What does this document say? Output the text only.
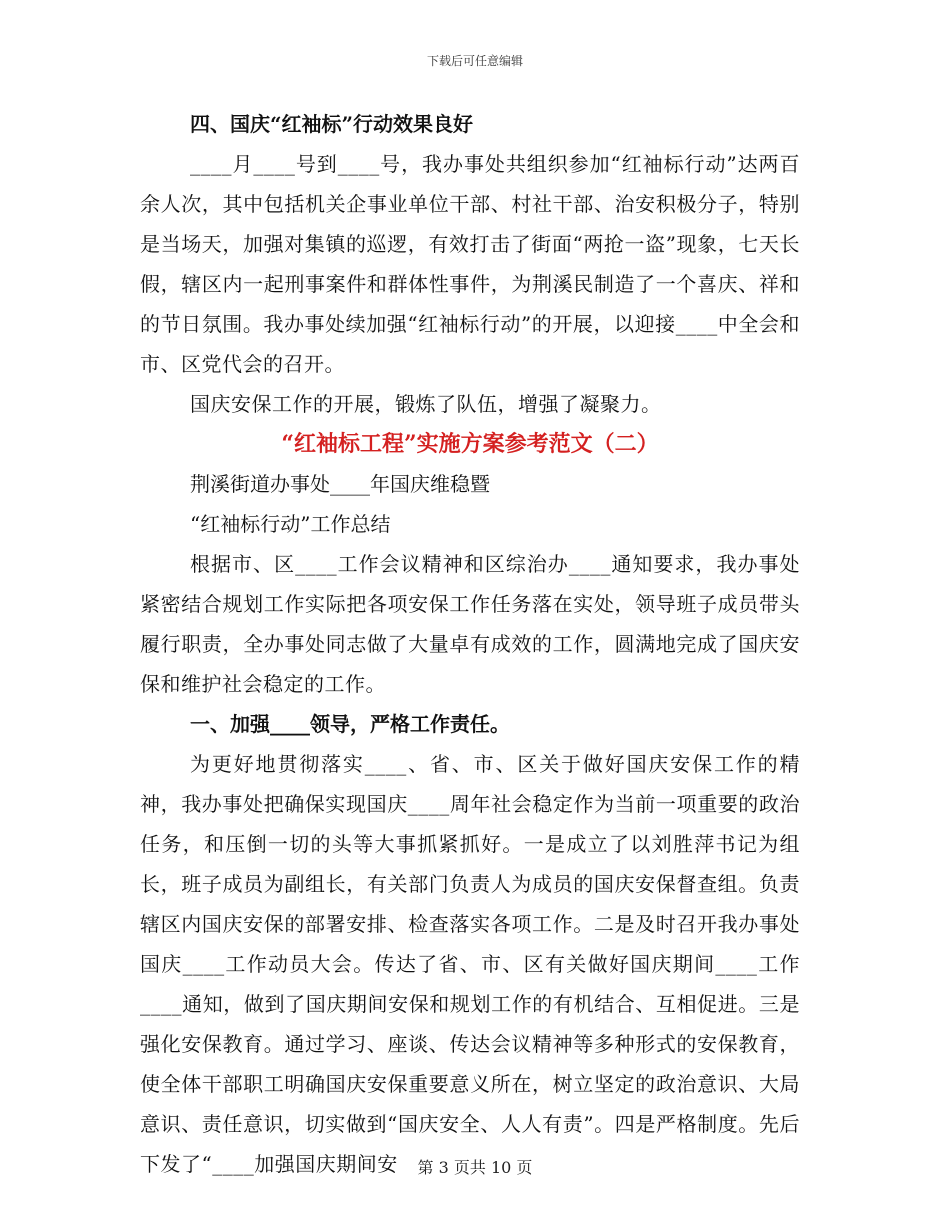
下载后可任意编辑

四、国庆“红袖标”行动效果良好

____月____号到____号，我办事处共组织参加“红袖标行动”达两百余人次，其中包括机关企事业单位干部、村社干部、治安积极分子，特别是当场天，加强对集镇的巡逻，有效打击了街面“两抢一盗”现象，七天长假，辖区内一起刑事案件和群体性事件，为荆溪民制造了一个喜庆、祥和的节日氛围。我办事处续加强“红袖标行动”的开展，以迎接____中全会和市、区党代会的召开。

国庆安保工作的开展，锻炼了队伍，增强了凝聚力。

“红袖标工程”实施方案参考范文（二）

荆溪街道办事处____年国庆维稳暨

“红袖标行动”工作总结

根据市、区____工作会议精神和区综治办____通知要求，我办事处紧密结合规划工作实际把各项安保工作任务落在实处，领导班子成员带头履行职责，全办事处同志做了大量卓有成效的工作，圆满地完成了国庆安保和维护社会稳定的工作。

一、加强____领导，严格工作责任。

为更好地贯彻落实____、省、市、区关于做好国庆安保工作的精神，我办事处把确保实现国庆____周年社会稳定作为当前一项重要的政治任务，和压倒一切的头等大事抓紧抓好。一是成立了以刘胜萍书记为组长，班子成员为副组长，有关部门负责人为成员的国庆安保督查组。负责辖区内国庆安保的部署安排、检查落实各项工作。二是及时召开我办事处国庆____工作动员大会。传达了省、市、区有关做好国庆期间____工作____通知，做到了国庆期间安保和规划工作的有机结合、互相促进。三是强化安保教育。通过学习、座谈、传达会议精神等多种形式的安保教育，使全体干部职工明确国庆安保重要意义所在，树立坚定的政治意识、大局意识、责任意识，切实做到“国庆安全、人人有责”。四是严格制度。先后下发了“____加强国庆期间安	第 3 页共 10 页
